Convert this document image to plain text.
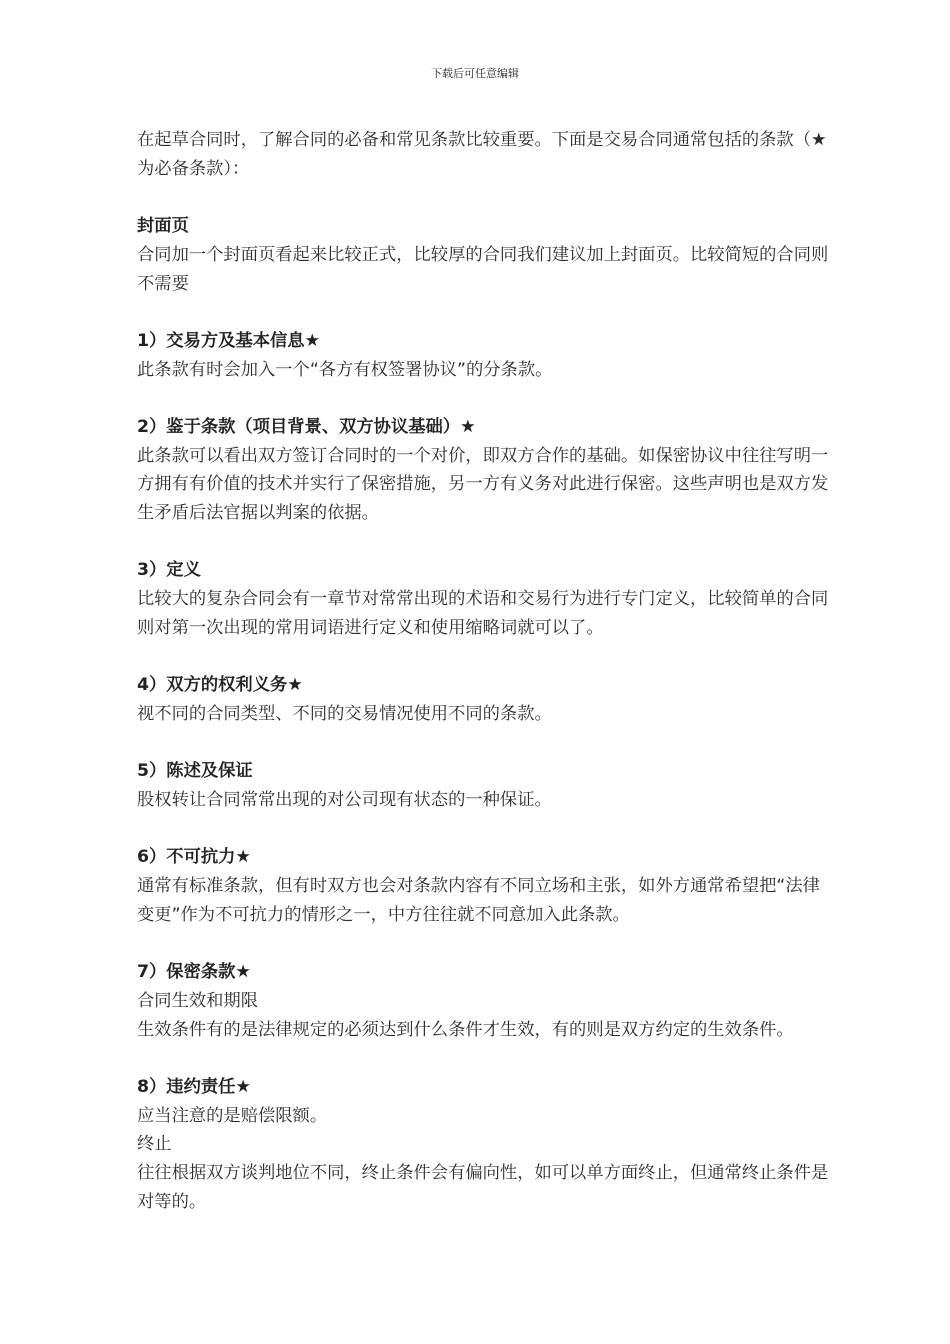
下载后可任意编辑

在起草合同时，了解合同的必备和常见条款比较重要。下面是交易合同通常包括的条款（★为必备条款）：

封面页

合同加一个封面页看起来比较正式，比较厚的合同我们建议加上封面页。比较简短的合同则不需要

1）交易方及基本信息★

此条款有时会加入一个“各方有权签署协议”的分条款。

2）鉴于条款（项目背景、双方协议基础）★

此条款可以看出双方签订合同时的一个对价，即双方合作的基础。如保密协议中往往写明一方拥有有价值的技术并实行了保密措施，另一方有义务对此进行保密。这些声明也是双方发生矛盾后法官据以判案的依据。

3）定义

比较大的复杂合同会有一章节对常常出现的术语和交易行为进行专门定义，比较简单的合同则对第一次出现的常用词语进行定义和使用缩略词就可以了。

4）双方的权利义务★

视不同的合同类型、不同的交易情况使用不同的条款。

5）陈述及保证

股权转让合同常常出现的对公司现有状态的一种保证。

6）不可抗力★

通常有标准条款，但有时双方也会对条款内容有不同立场和主张，如外方通常希望把“法律变更”作为不可抗力的情形之一，中方往往就不同意加入此条款。

7）保密条款★

合同生效和期限

生效条件有的是法律规定的必须达到什么条件才生效，有的则是双方约定的生效条件。

8）违约责任★

应当注意的是赔偿限额。

终止

往往根据双方谈判地位不同，终止条件会有偏向性，如可以单方面终止，但通常终止条件是对等的。
